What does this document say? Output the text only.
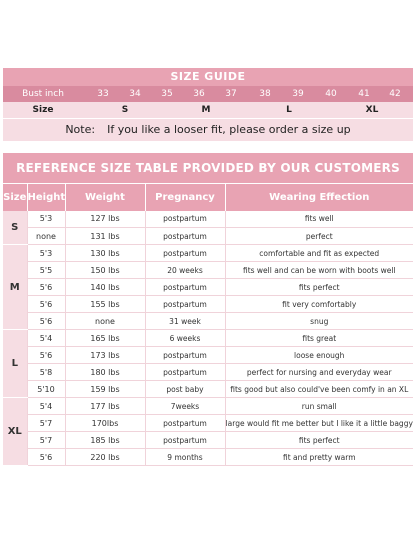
SIZE GUIDE
Bust inch	33	34	35	36	37	38	39	40	41	42
Size	S	M	L	XL
Note: If you like a looser fit, please order a size up
REFERENCE SIZE TABLE PROVIDED BY OUR CUSTOMERS
Size	Height	Weight	Pregnancy	Wearing Effection
S	5'3	127 lbs	postpartum	fits well
	none	131 lbs	postpartum	perfect
M	5'3	130 lbs	postpartum	comfortable and fit as expected
	5'5	150 lbs	20 weeks	fits well and can be worn with boots well
	5'6	140 lbs	postpartum	fits perfect
	5'6	155 lbs	postpartum	fit very comfortably
	5'6	none	31 week	snug
L	5'4	165 lbs	6 weeks	fits great
	5'6	173 lbs	postpartum	loose enough
	5'8	180 lbs	postpartum	perfect for nursing and everyday wear
	5'10	159 lbs	post baby	fits good but also could've been comfy in an XL
XL	5'4	177 lbs	7weeks	run small
	5'7	170lbs	postpartum	large would fit me better but I like it a little baggy
	5'7	185 lbs	postpartum	fits perfect
	5'6	220 lbs	9 months	fit and pretty warm
